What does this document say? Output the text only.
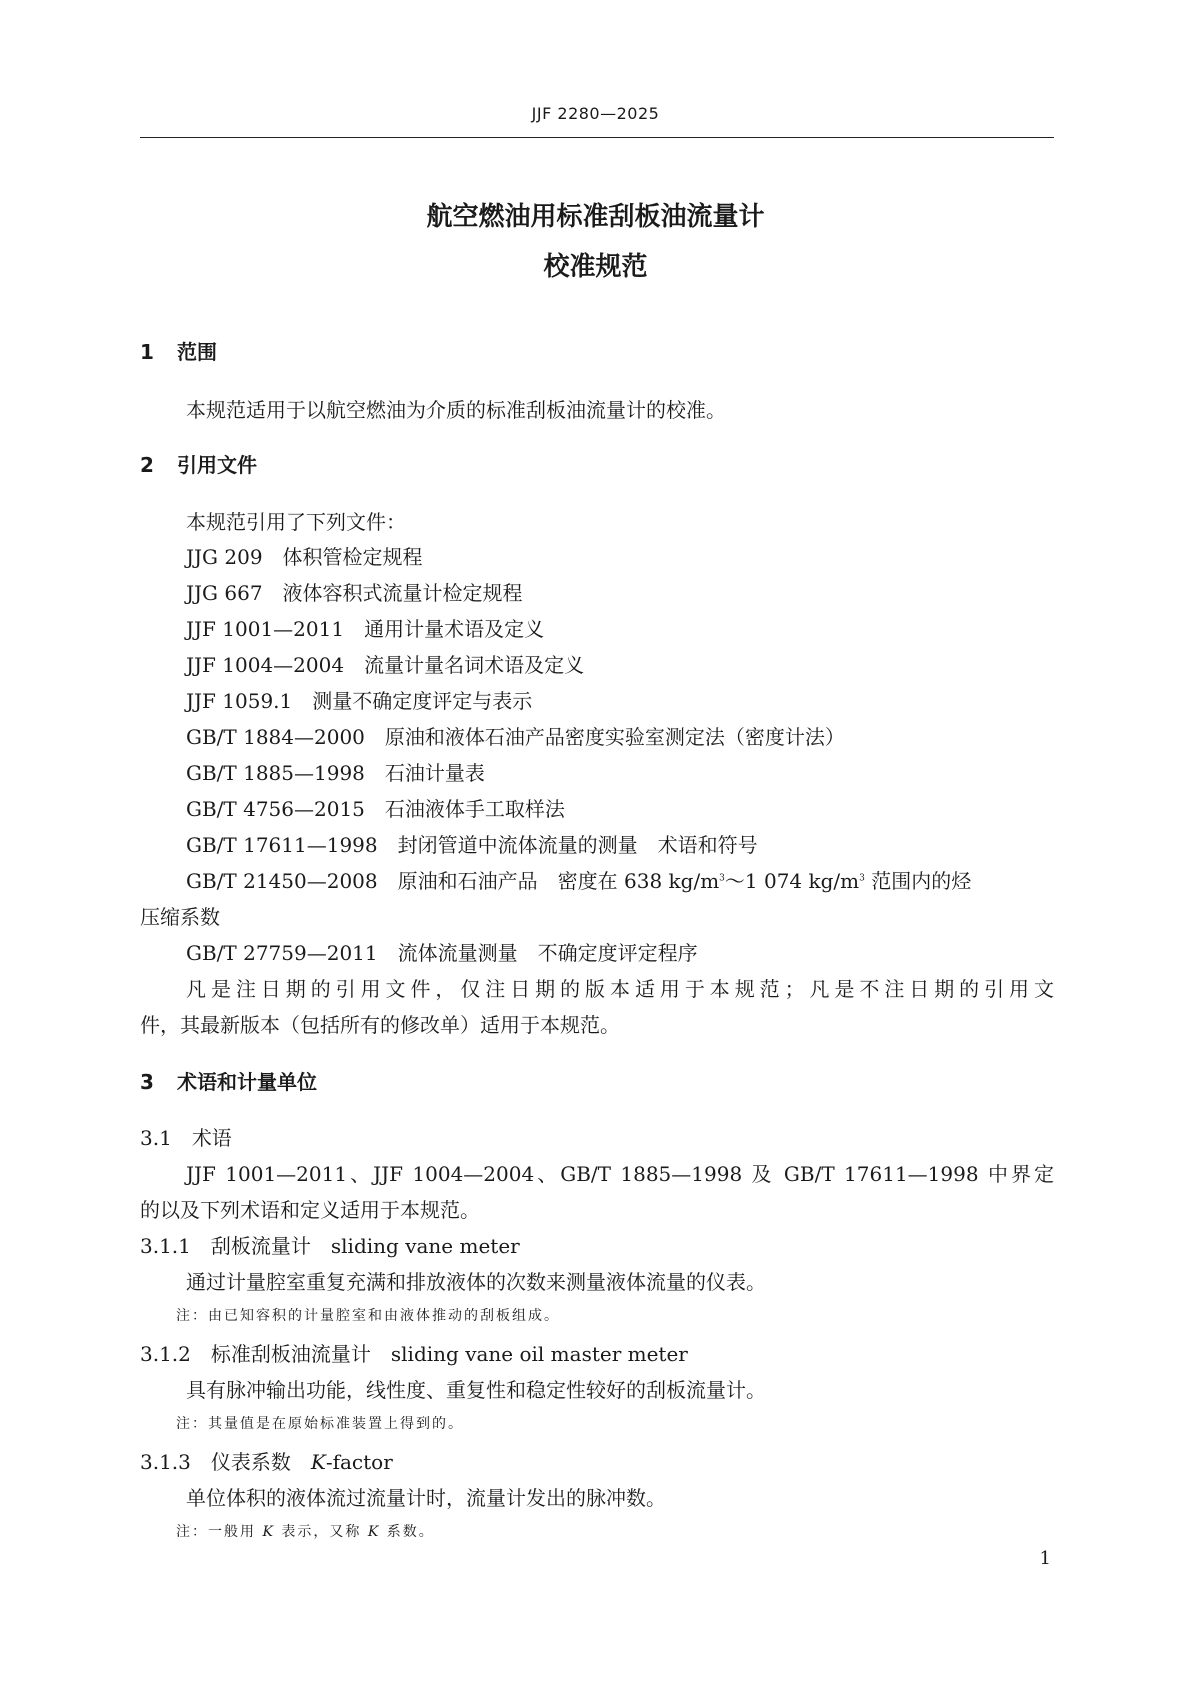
JJF 2280—2025
航空燃油用标准刮板油流量计
校准规范
1 范围
本规范适用于以航空燃油为介质的标准刮板油流量计的校准。
2 引用文件
本规范引用了下列文件：
JJG 209　 体积管检定规程
JJG 667　 液体容积式流量计检定规程
JJF 1001—2011　 通用计量术语及定义
JJF 1004—2004　 流量计量名词术语及定义
JJF 1059.1　 测量不确定度评定与表示
GB/T 1884—2000　 原油和液体石油产品密度实验室测定法（密度计法）
GB/T 1885—1998　 石油计量表
GB/T 4756—2015　 石油液体手工取样法
GB/T 17611—1998　 封闭管道中流体流量的测量　术语和符号
GB/T 21450—2008　 原油和石油产品　密度在 638 $kg/m^3\sim 1$ 074 $kg/m^3$ 范围内的烃
压缩系数
GB/T 27759—2011　 流体流量测量　不确定度评定程序
凡是注日期的引用文件，仅注日期的版本适用于本规范；凡是不注日期的引用文
件，其最新版本（包括所有的修改单）适用于本规范。
3 术语和计量单位
3.1　 术语
JJF 1001—2011、JJF 1004—2004、GB/T 1885—1998 及 GB/T 17611—1998 中界定
的以及下列术语和定义适用于本规范。
3.1.1　 刮板流量计　 sliding vane meter
通过计量腔室重复充满和排放液体的次数来测量液体流量的仪表。
注：由已知容积的计量腔室和由液体推动的刮板组成。
3.1.2　 标准刮板油流量计　 sliding vane oil master meter
具有脉冲输出功能，线性度、重复性和稳定性较好的刮板流量计。
注：其量值是在原始标准装置上得到的。
3.1.3　 仪表系数　 K-factor
单位体积的液体流过流量计时，流量计发出的脉冲数。
注：一般用 K 表示，又称 K 系数。
1
